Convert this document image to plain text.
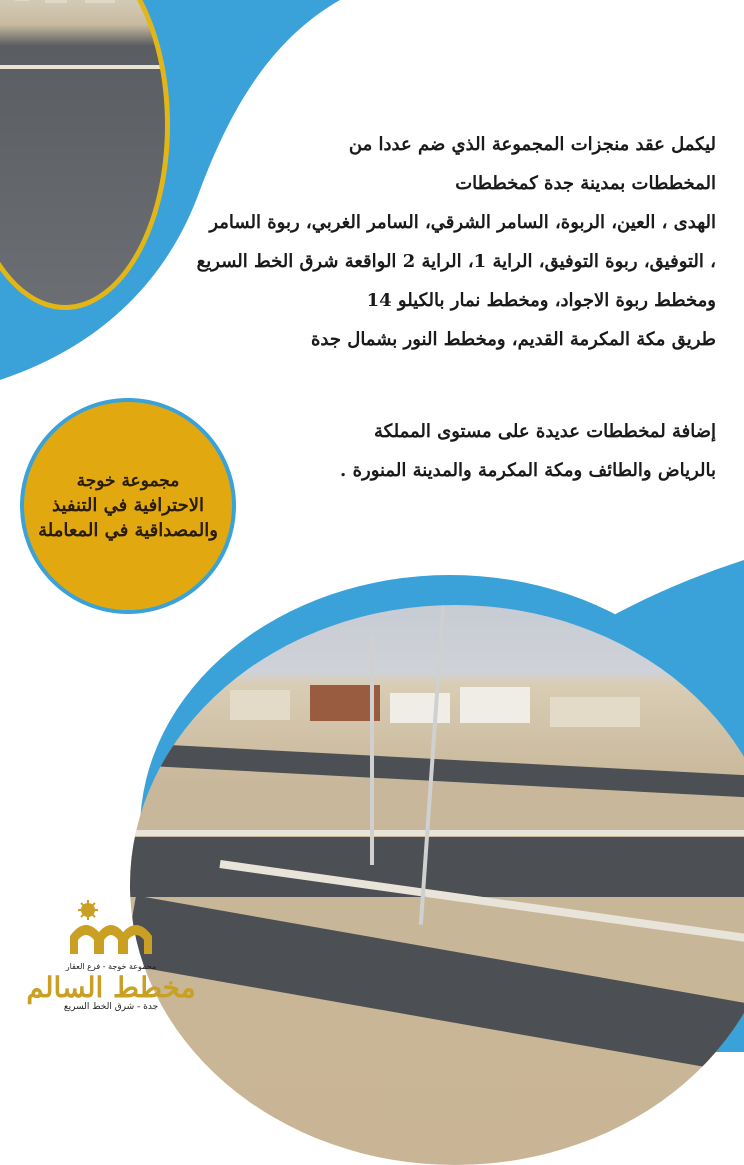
ليكمل عقد منجزات المجموعة الذي ضم عددا من

المخططات بمدينة جدة كمخططات

الهدى ، العين، الربوة، السامر الشرقي، السامر الغربي، ربوة السامر

، التوفيق، ربوة التوفيق، الراية 1، الراية 2 الواقعة شرق الخط السريع

ومخطط ربوة الاجواد، ومخطط نمار بالكيلو 14

طريق مكة المكرمة القديم، ومخطط النور بشمال جدة

إضافة لمخططات عديدة على مستوى المملكة

بالرياض والطائف ومكة المكرمة والمدينة المنورة .

مجموعة خوجة
الاحترافية في التنفيذ
والمصداقية في المعاملة
مجموعة خوجة - فرع العقار
مخطط السالم
جدة - شرق الخط السريع
